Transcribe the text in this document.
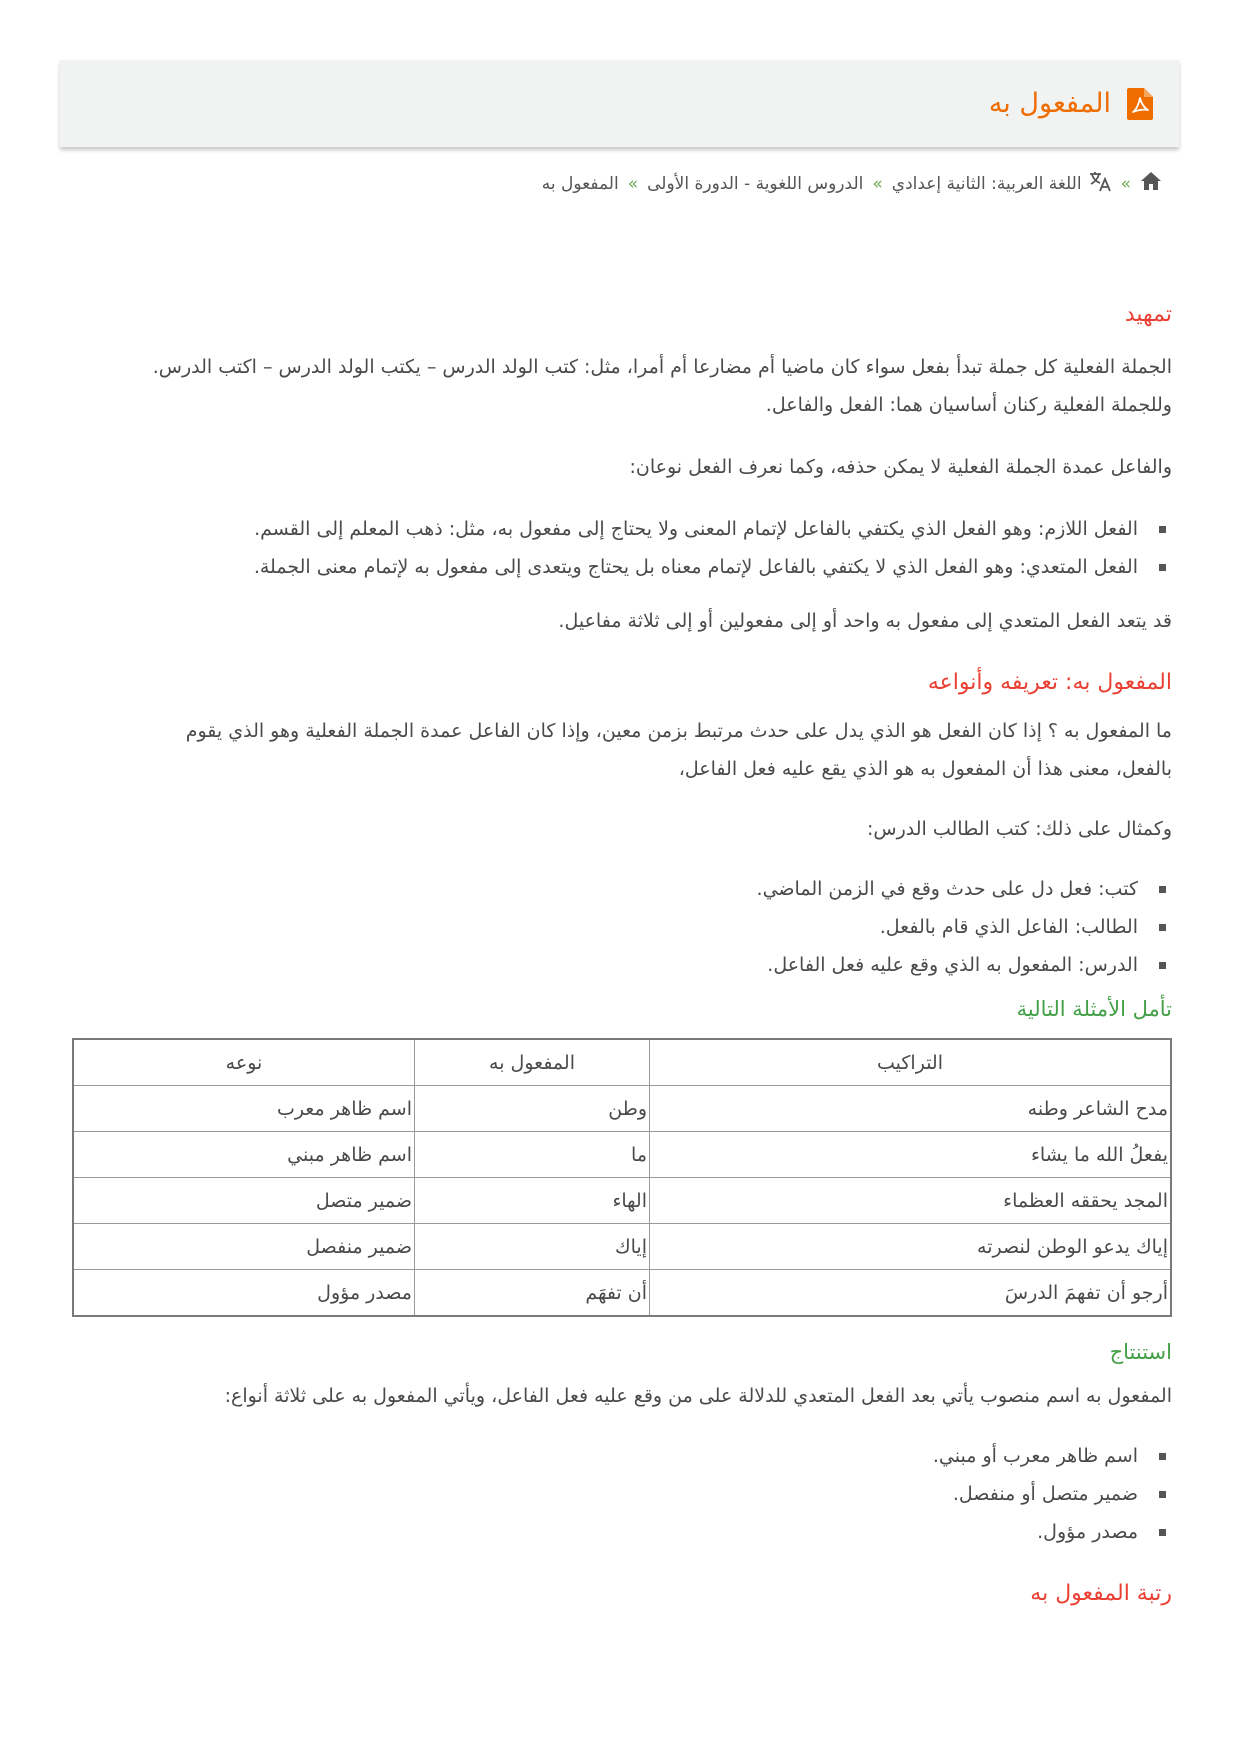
المفعول به
»
اللغة العربية: الثانية إعدادي
»
الدروس اللغوية - الدورة الأولى
»
المفعول به
تمهيد

الجملة الفعلية كل جملة تبدأ بفعل سواء كان ماضيا أم مضارعا أم أمرا، مثل: كتب الولد الدرس – يكتب الولد الدرس – اكتب الدرس.

وللجملة الفعلية ركنان أساسيان هما: الفعل والفاعل.

والفاعل عمدة الجملة الفعلية لا يمكن حذفه، وكما نعرف الفعل نوعان:

الفعل اللازم: وهو الفعل الذي يكتفي بالفاعل لإتمام المعنى ولا يحتاج إلى مفعول به، مثل: ذهب المعلم إلى القسم.
الفعل المتعدي: وهو الفعل الذي لا يكتفي بالفاعل لإتمام معناه بل يحتاج ويتعدى إلى مفعول به لإتمام معنى الجملة.

قد يتعد الفعل المتعدي إلى مفعول به واحد أو إلى مفعولين أو إلى ثلاثة مفاعيل.

المفعول به: تعريفه وأنواعه

ما المفعول به ؟ إذا كان الفعل هو الذي يدل على حدث مرتبط بزمن معين، وإذا كان الفاعل عمدة الجملة الفعلية وهو الذي يقوم

بالفعل، معنى هذا أن المفعول به هو الذي يقع عليه فعل الفاعل،

وكمثال على ذلك: كتب الطالب الدرس:

كتب: فعل دل على حدث وقع في الزمن الماضي.
الطالب: الفاعل الذي قام بالفعل.
الدرس: المفعول به الذي وقع عليه فعل الفاعل.
تأمل الأمثلة التالية
التراكيب	المفعول به	نوعه
مدح الشاعر وطنه	وطن	اسم ظاهر معرب
يفعلُ الله ما يشاء	ما	اسم ظاهر مبني
المجد يحققه العظماء	الهاء	ضمير متصل
إياك يدعو الوطن لنصرته	إياك	ضمير منفصل
أرجو أن تفهمَ الدرسَ	أن تفهَم	مصدر مؤول
استنتاج

المفعول به اسم منصوب يأتي بعد الفعل المتعدي للدلالة على من وقع عليه فعل الفاعل، ويأتي المفعول به على ثلاثة أنواع:

اسم ظاهر معرب أو مبني.
ضمير متصل أو منفصل.
مصدر مؤول.
رتبة المفعول به
